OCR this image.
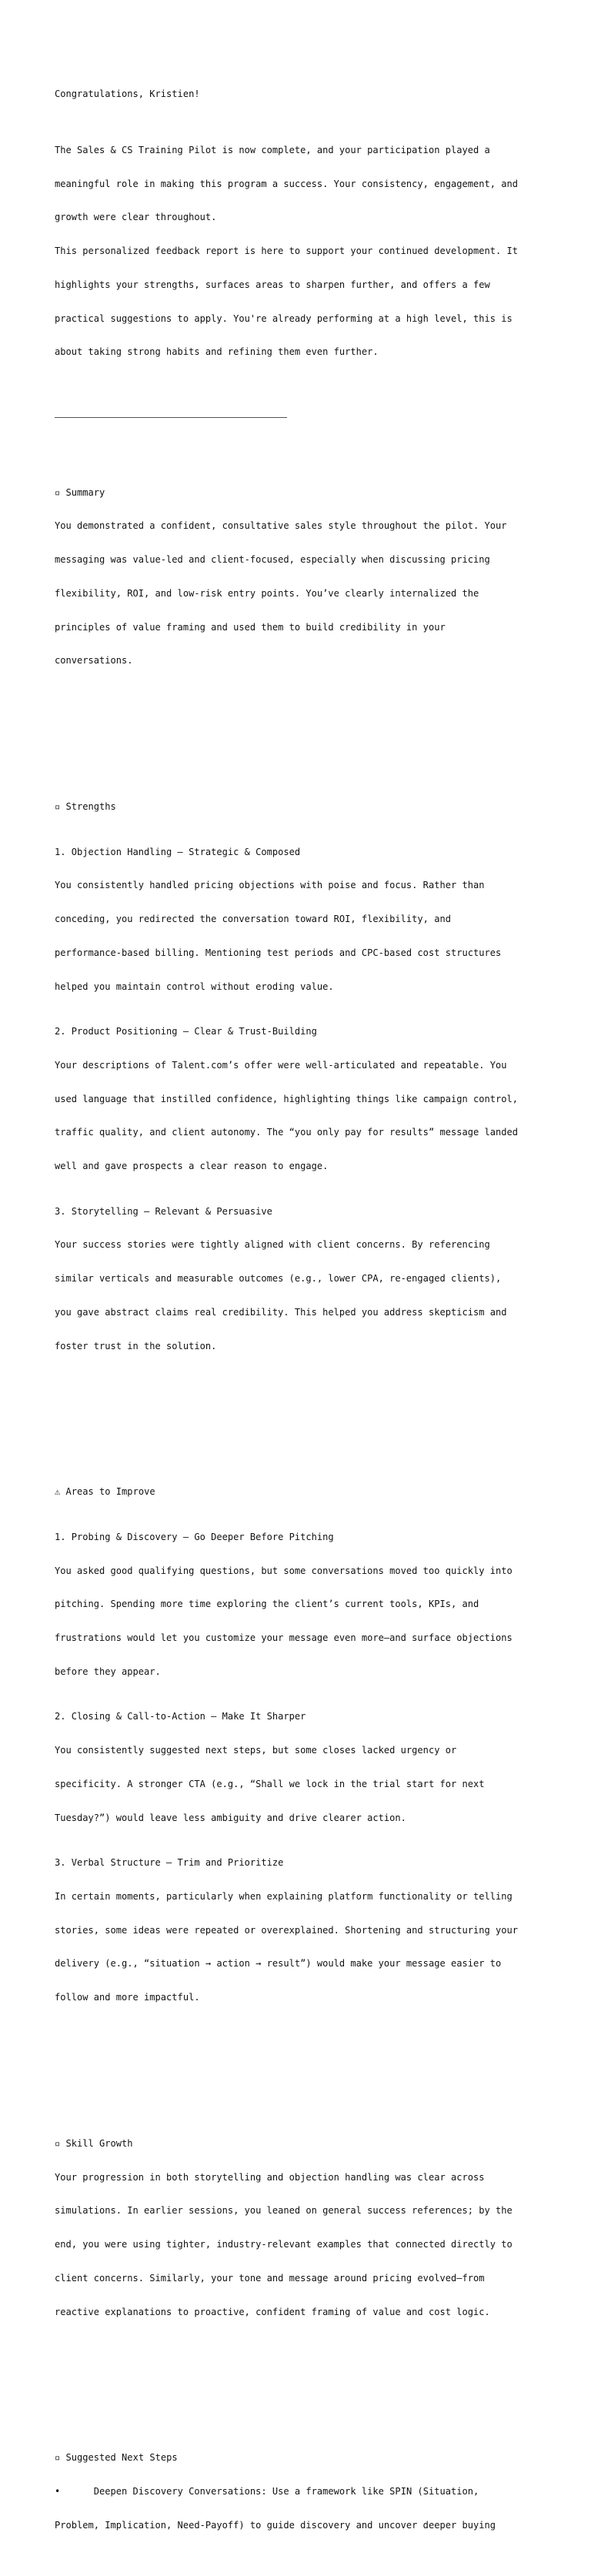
Congratulations, Kristien!

The Sales & CS Training Pilot is now complete, and your participation played a

meaningful role in making this program a success. Your consistency, engagement, and

growth were clear throughout.

This personalized feedback report is here to support your continued development. It

highlights your strengths, surfaces areas to sharpen further, and offers a few

practical suggestions to apply. You're already performing at a high level, this is

about taking strong habits and refining them even further.

▫ Summary

You demonstrated a confident, consultative sales style throughout the pilot. Your

messaging was value-led and client-focused, especially when discussing pricing

flexibility, ROI, and low-risk entry points. You’ve clearly internalized the

principles of value framing and used them to build credibility in your

conversations.

▫ Strengths

1. Objection Handling – Strategic & Composed

You consistently handled pricing objections with poise and focus. Rather than

conceding, you redirected the conversation toward ROI, flexibility, and

performance-based billing. Mentioning test periods and CPC-based cost structures

helped you maintain control without eroding value.

2. Product Positioning – Clear & Trust-Building

Your descriptions of Talent.com’s offer were well-articulated and repeatable. You

used language that instilled confidence, highlighting things like campaign control,

traffic quality, and client autonomy. The “you only pay for results” message landed

well and gave prospects a clear reason to engage.

3. Storytelling – Relevant & Persuasive

Your success stories were tightly aligned with client concerns. By referencing

similar verticals and measurable outcomes (e.g., lower CPA, re-engaged clients),

you gave abstract claims real credibility. This helped you address skepticism and

foster trust in the solution.

⚠ Areas to Improve

1. Probing & Discovery – Go Deeper Before Pitching

You asked good qualifying questions, but some conversations moved too quickly into

pitching. Spending more time exploring the client’s current tools, KPIs, and

frustrations would let you customize your message even more—and surface objections

before they appear.

2. Closing & Call-to-Action – Make It Sharper

You consistently suggested next steps, but some closes lacked urgency or

specificity. A stronger CTA (e.g., “Shall we lock in the trial start for next

Tuesday?”) would leave less ambiguity and drive clearer action.

3. Verbal Structure – Trim and Prioritize

In certain moments, particularly when explaining platform functionality or telling

stories, some ideas were repeated or overexplained. Shortening and structuring your

delivery (e.g., “situation → action → result”) would make your message easier to

follow and more impactful.

▫ Skill Growth

Your progression in both storytelling and objection handling was clear across

simulations. In earlier sessions, you leaned on general success references; by the

end, you were using tighter, industry-relevant examples that connected directly to

client concerns. Similarly, your tone and message around pricing evolved—from

reactive explanations to proactive, confident framing of value and cost logic.

▫ Suggested Next Steps

•      Deepen Discovery Conversations: Use a framework like SPIN (Situation,

Problem, Implication, Need-Payoff) to guide discovery and uncover deeper buying
